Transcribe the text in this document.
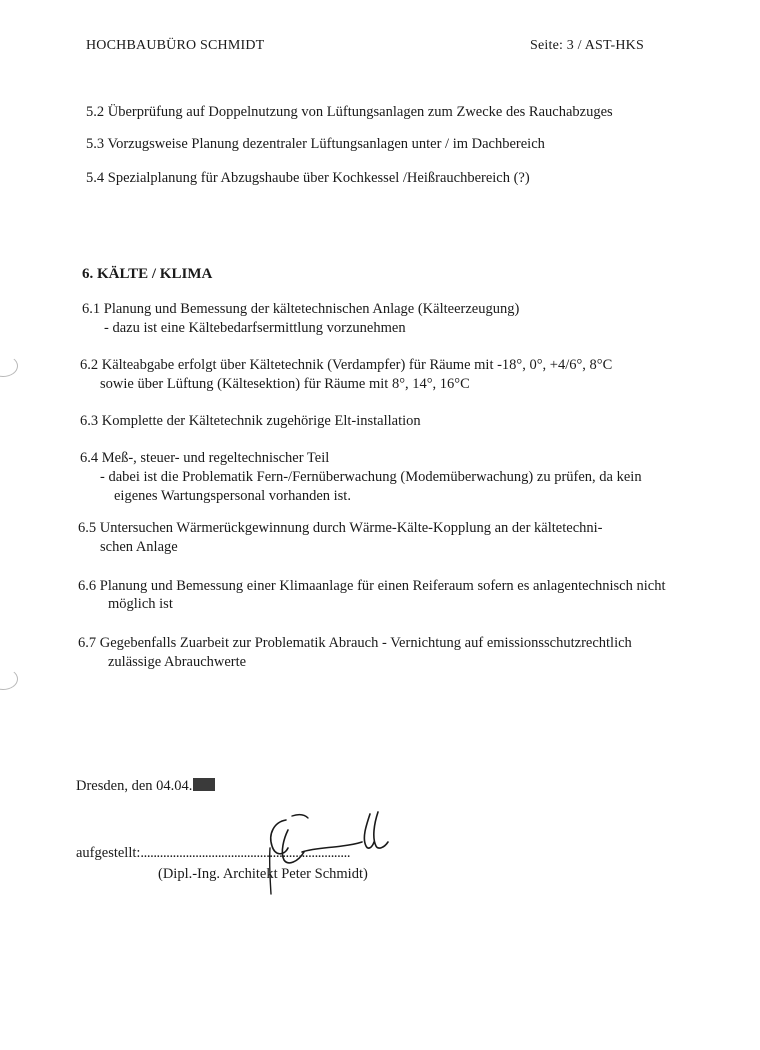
HOCHBAUBÜRO SCHMIDT	Seite: 3 / AST-HKS
5.2 Überprüfung auf Doppelnutzung von Lüftungsanlagen zum Zwecke des Rauchabzuges
5.3 Vorzugsweise Planung dezentraler Lüftungsanlagen unter / im Dachbereich
5.4 Spezialplanung für Abzugshaube über Kochkessel /Heißrauchbereich (?)
6. KÄLTE / KLIMA
6.1 Planung und Bemessung der kältetechnischen Anlage (Kälteerzeugung)
- dazu ist eine Kältebedarfsermittlung vorzunehmen
6.2 Kälteabgabe erfolgt über Kältetechnik (Verdampfer) für Räume mit -18°, 0°, +4/6°, 8°C
sowie über Lüftung (Kältesektion) für Räume mit 8°, 14°, 16°C
6.3 Komplette der Kältetechnik zugehörige Elt-installation
6.4 Meß-, steuer- und regeltechnischer Teil
- dabei ist die Problematik Fern-/Fernüberwachung (Modemüberwachung) zu prüfen, da kein
eigenes Wartungspersonal vorhanden ist.
6.5 Untersuchen Wärmerückgewinnung durch Wärme-Kälte-Kopplung an der kältetechni-
schen Anlage
6.6 Planung und Bemessung einer Klimaanlage für einen Reiferaum sofern es anlagentechnisch nicht
möglich ist
6.7 Gegebenfalls Zuarbeit zur Problematik Abrauch - Vernichtung auf emissionsschutzrechtlich
zulässige Abrauchwerte
Dresden, den 04.04.
aufgestellt:.................................................................
(Dipl.-Ing. Architekt Peter Schmidt)
